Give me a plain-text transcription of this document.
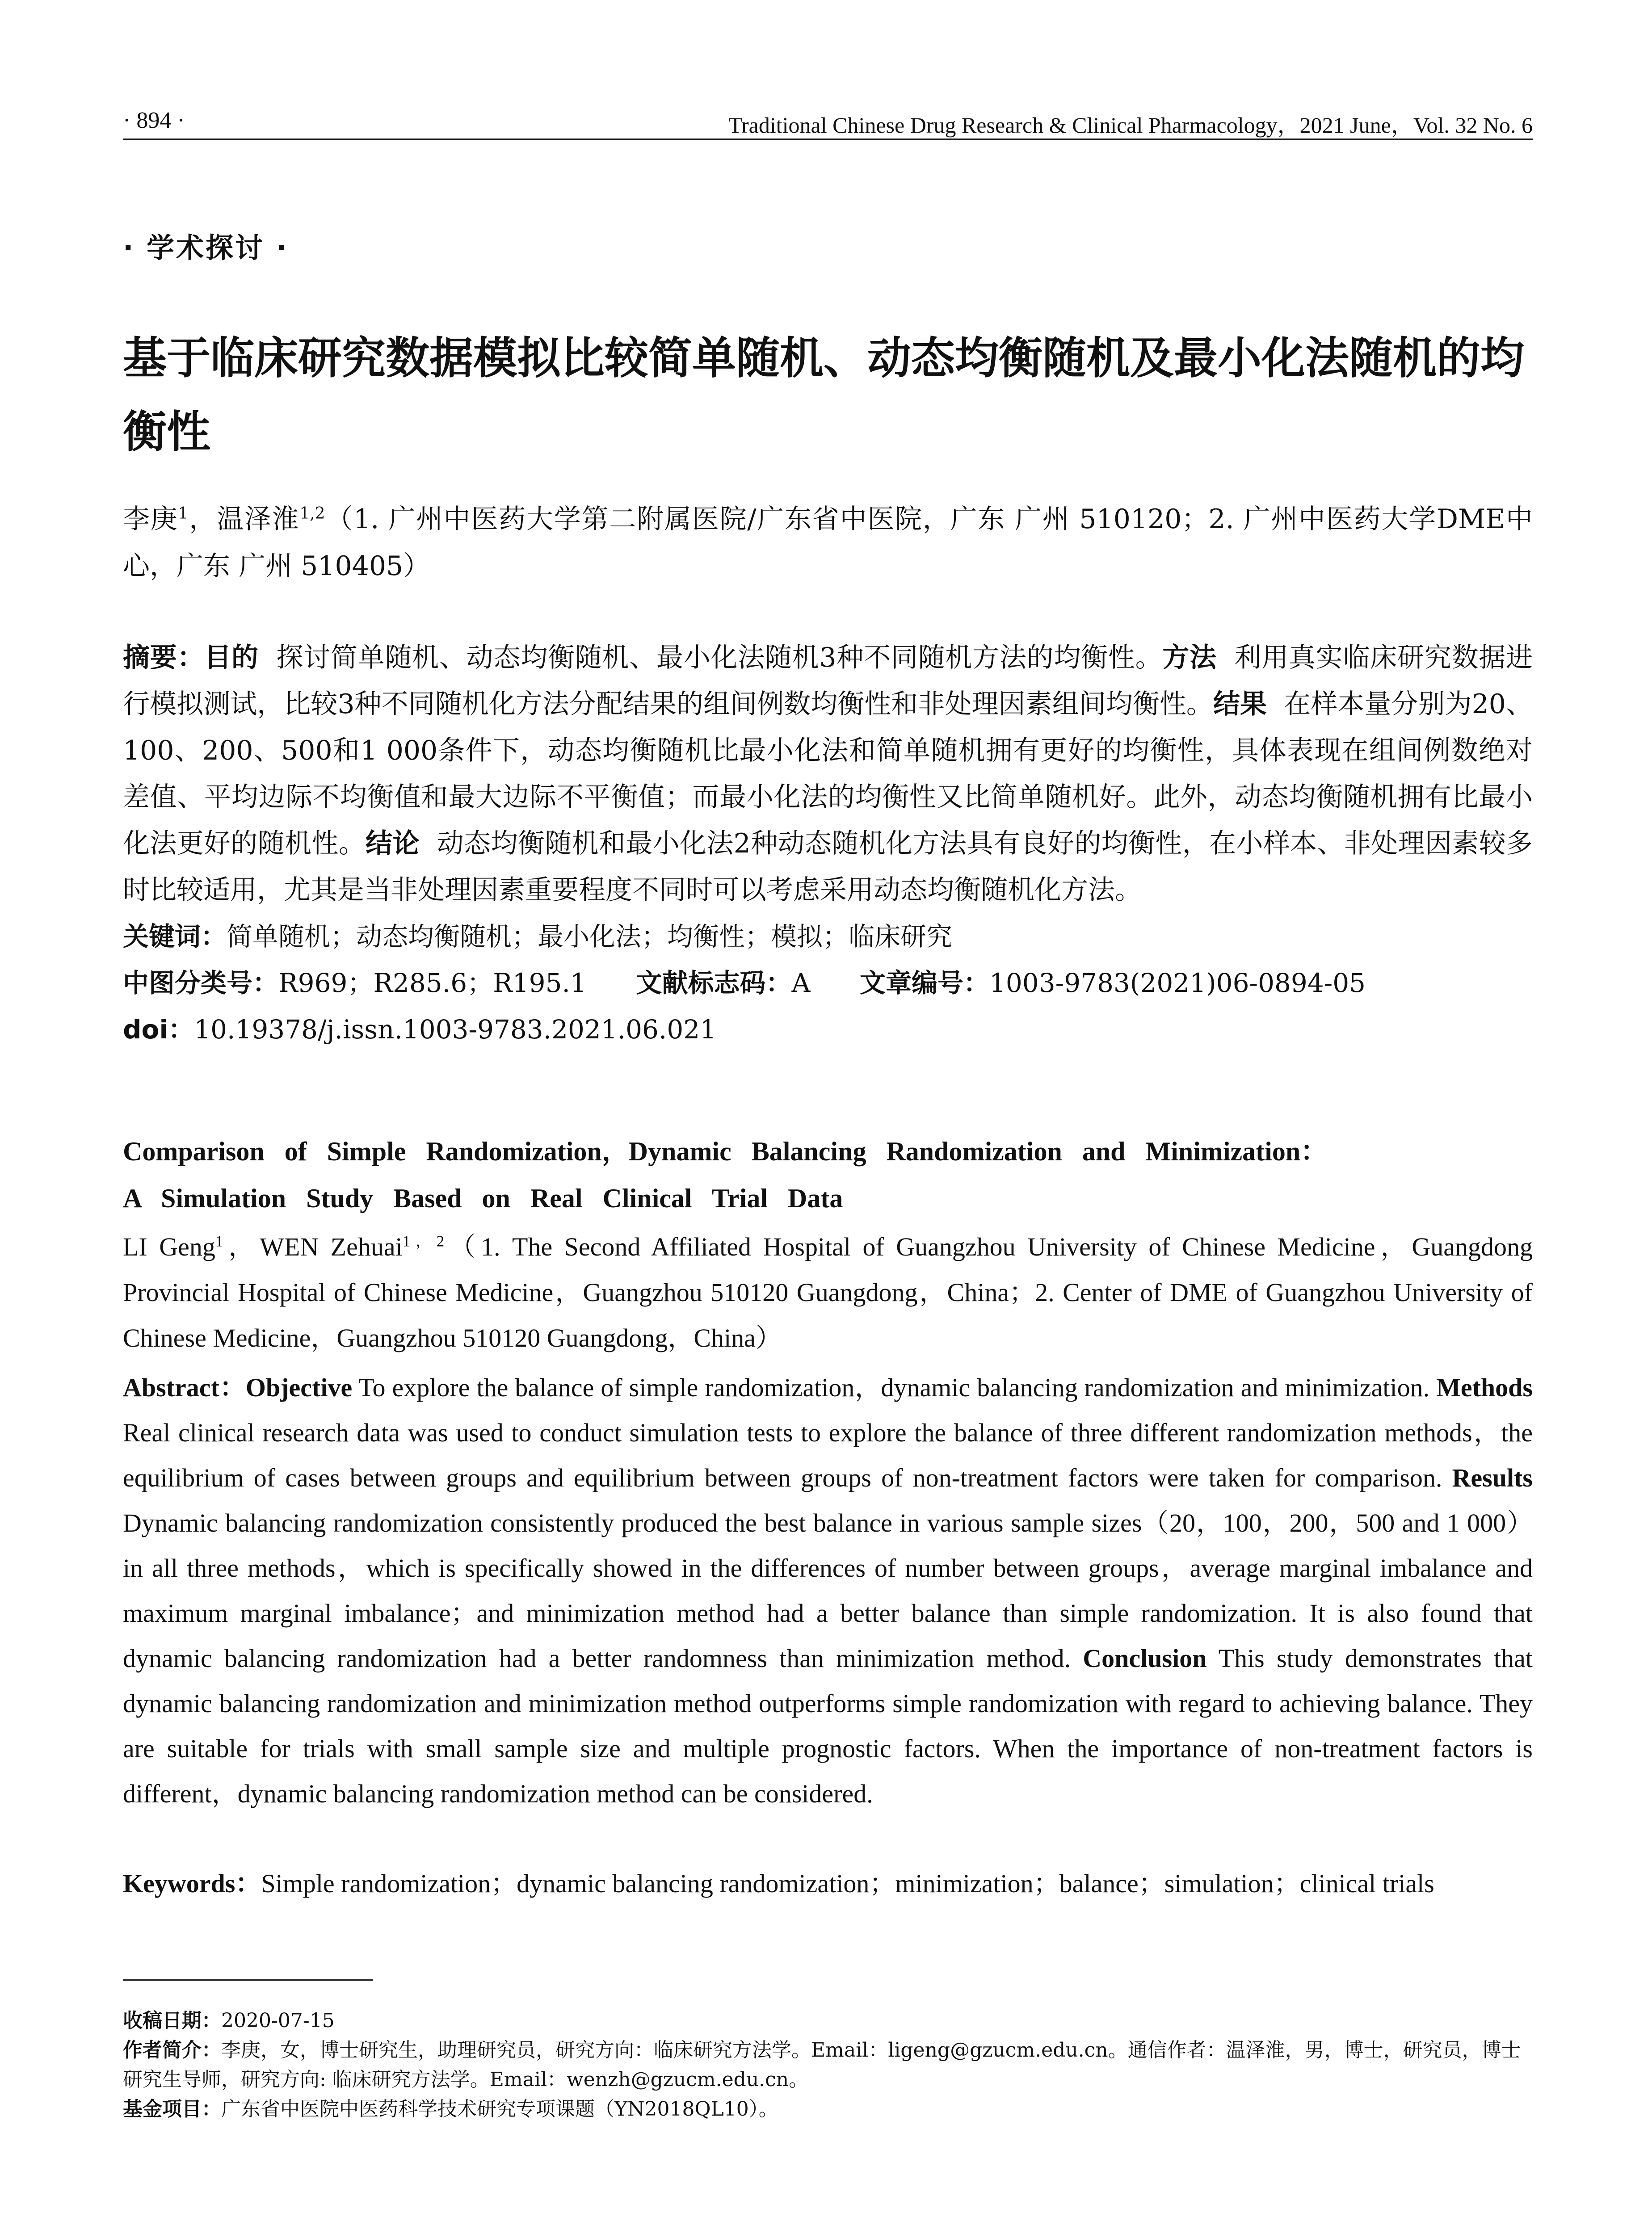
· 894 ·	Traditional Chinese Drug Research & Clinical Pharmacology，2021 June，Vol. 32 No. 6
· 学术探讨 ·
基于临床研究数据模拟比较简单随机、动态均衡随机及最小化法随机的均衡性
李庚$^1$，温泽淮$^{1,2}$（1. 广州中医药大学第二附属医院/广东省中医院，广东 广州 510120；2. 广州中医药大学DME中心，广东 广州 510405）
摘要：目的 探讨简单随机、动态均衡随机、最小化法随机3种不同随机方法的均衡性。方法 利用真实临床研究数据进行模拟测试，比较3种不同随机化方法分配结果的组间例数均衡性和非处理因素组间均衡性。结果 在样本量分别为20、100、200、500和1 000条件下，动态均衡随机比最小化法和简单随机拥有更好的均衡性，具体表现在组间例数绝对差值、平均边际不均衡值和最大边际不平衡值；而最小化法的均衡性又比简单随机好。此外，动态均衡随机拥有比最小化法更好的随机性。结论 动态均衡随机和最小化法2种动态随机化方法具有良好的均衡性，在小样本、非处理因素较多时比较适用，尤其是当非处理因素重要程度不同时可以考虑采用动态均衡随机化方法。
关键词：简单随机；动态均衡随机；最小化法；均衡性；模拟；临床研究
中图分类号：R969；R285.6；R195.1 文献标志码：A 文章编号：1003-9783(2021)06-0894-05
doi：10.19378/j.issn.1003-9783.2021.06.021
Comparison of Simple Randomization，Dynamic Balancing Randomization and Minimization：
A Simulation Study Based on Real Clinical Trial Data
LI Geng$^1$，WEN Zehuai$^{1,2}$（1. The Second Affiliated Hospital of Guangzhou University of Chinese Medicine，Guangdong Provincial Hospital of Chinese Medicine，Guangzhou 510120 Guangdong，China；2. Center of DME of Guangzhou University of Chinese Medicine，Guangzhou 510120 Guangdong，China）
Abstract：Objective To explore the balance of simple randomization，dynamic balancing randomization and minimization. Methods Real clinical research data was used to conduct simulation tests to explore the balance of three different randomization methods，the equilibrium of cases between groups and equilibrium between groups of non-treatment factors were taken for comparison. Results Dynamic balancing randomization consistently produced the best balance in various sample sizes（20，100，200，500 and 1 000）in all three methods，which is specifically showed in the differences of number between groups，average marginal imbalance and maximum marginal imbalance；and minimization method had a better balance than simple randomization. It is also found that dynamic balancing randomization had a better randomness than minimization method. Conclusion This study demonstrates that dynamic balancing randomization and minimization method outperforms simple randomization with regard to achieving balance. They are suitable for trials with small sample size and multiple prognostic factors. When the importance of non-treatment factors is different，dynamic balancing randomization method can be considered.
Keywords：Simple randomization；dynamic balancing randomization；minimization；balance；simulation；clinical trials
收稿日期：2020-07-15
作者简介：李庚，女，博士研究生，助理研究员，研究方向：临床研究方法学。Email：ligeng@gzucm.edu.cn。通信作者：温泽淮，男，博士，研究员，博士研究生导师，研究方向: 临床研究方法学。Email：wenzh@gzucm.edu.cn。
基金项目：广东省中医院中医药科学技术研究专项课题（YN2018QL10）。
